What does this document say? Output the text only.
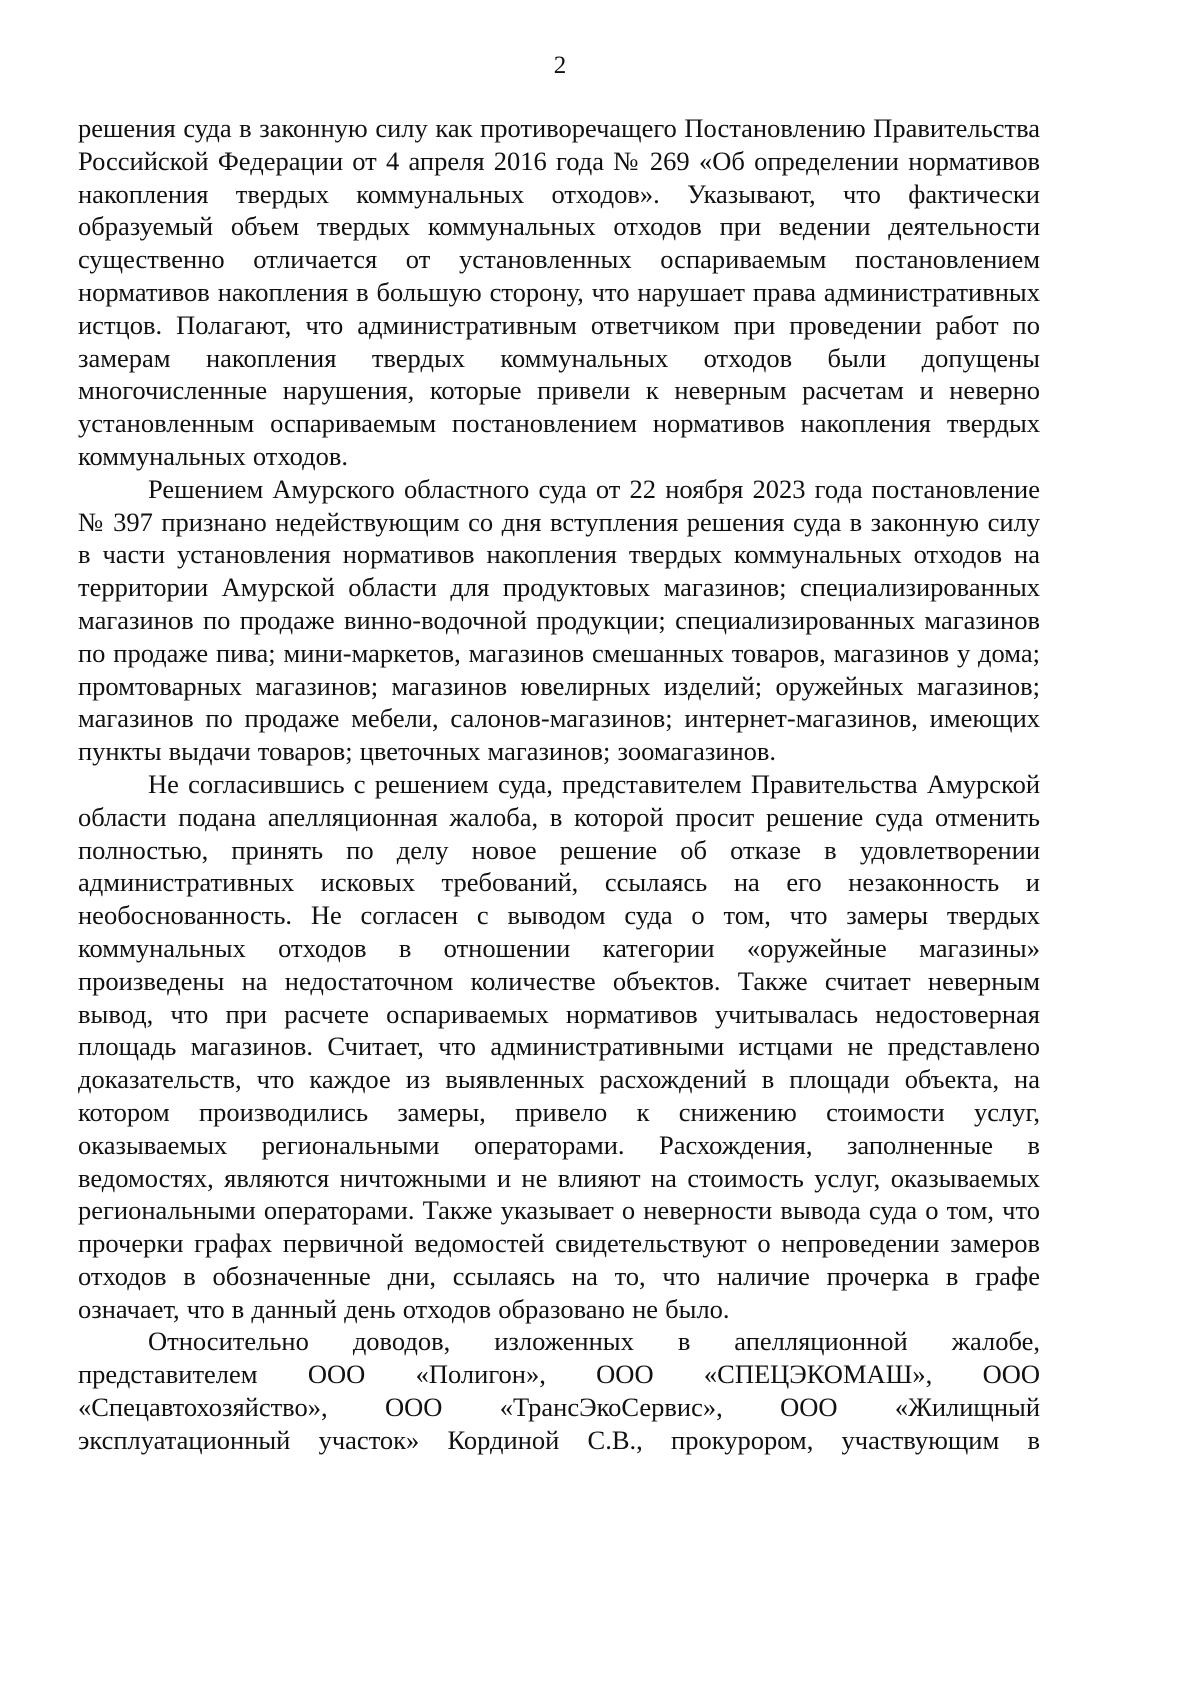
2

решения суда в законную силу как противоречащего Постановлению Правительства Российской Федерации от 4 апреля 2016 года № 269 «Об определении нормативов накопления твердых коммунальных отходов». Указывают, что фактически образуемый объем твердых коммунальных отходов при ведении деятельности существенно отличается от установленных оспариваемым постановлением нормативов накопления в большую сторону, что нарушает права административных истцов. Полагают, что административным ответчиком при проведении работ по замерам накопления твердых коммунальных отходов были допущены многочисленные нарушения, которые привели к неверным расчетам и неверно установленным оспариваемым постановлением нормативов накопления твердых коммунальных отходов.

Решением Амурского областного суда от 22 ноября 2023 года постановление № 397 признано недействующим со дня вступления решения суда в законную силу в части установления нормативов накопления твердых коммунальных отходов на территории Амурской области для продуктовых магазинов; специализированных магазинов по продаже винно-водочной продукции; специализированных магазинов по продаже пива; мини-маркетов, магазинов смешанных товаров, магазинов у дома; промтоварных магазинов; магазинов ювелирных изделий; оружейных магазинов; магазинов по продаже мебели, салонов-магазинов; интернет-магазинов, имеющих пункты выдачи товаров; цветочных магазинов; зоомагазинов.

Не согласившись с решением суда, представителем Правительства Амурской области подана апелляционная жалоба, в которой просит решение суда отменить полностью, принять по делу новое решение об отказе в удовлетворении административных исковых требований, ссылаясь на его незаконность и необоснованность. Не согласен с выводом суда о том, что замеры твердых коммунальных отходов в отношении категории «оружейные магазины» произведены на недостаточном количестве объектов. Также считает неверным вывод, что при расчете оспариваемых нормативов учитывалась недостоверная площадь магазинов. Считает, что административными истцами не представлено доказательств, что каждое из выявленных расхождений в площади объекта, на котором производились замеры, привело к снижению стоимости услуг, оказываемых региональными операторами. Расхождения, заполненные в ведомостях, являются ничтожными и не влияют на стоимость услуг, оказываемых региональными операторами. Также указывает о неверности вывода суда о том, что прочерки графах первичной ведомостей свидетельствуют о непроведении замеров отходов в обозначенные дни, ссылаясь на то, что наличие прочерка в графе означает, что в данный день отходов образовано не было.

Относительно доводов, изложенных в апелляционной жалобе, представителем ООО «Полигон», ООО «СПЕЦЭКОМАШ», ООО «Спецавтохозяйство», ООО «ТрансЭкоСервис», ООО «Жилищный эксплуатационный участок» Кординой С.В., прокурором, участвующим в
